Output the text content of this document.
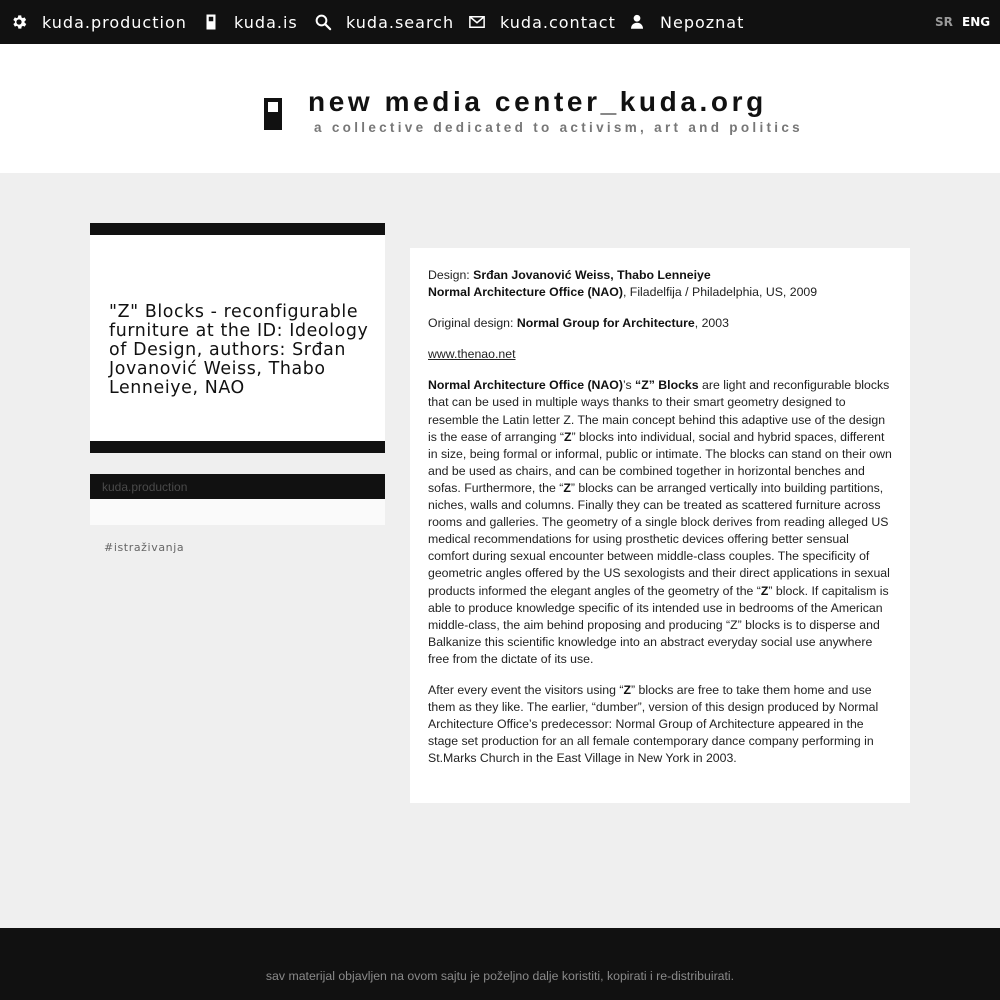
kuda.production	kuda.is	kuda.search	kuda.contact	Nepoznat	SR ENG
new media center_kuda.org
a collective dedicated to activism, art and politics
"Z" Blocks - reconfigurable furniture at the ID: Ideology of Design, authors: Srđan Jovanović Weiss, Thabo Lenneiye, NAO
kuda.production
#istraživanja

Design: Srđan Jovanović Weiss, Thabo Lenneiye
Normal Architecture Office (NAO), Filadelfija / Philadelphia, US, 2009

Original design: Normal Group for Architecture, 2003

www.thenao.net

Normal Architecture Office (NAO)’s “Z” Blocks are light and reconfigurable blocks that can be used in multiple ways thanks to their smart geometry designed to resemble the Latin letter Z. The main concept behind this adaptive use of the design is the ease of arranging “Z” blocks into individual, social and hybrid spaces, different in size, being formal or informal, public or intimate. The blocks can stand on their own and be used as chairs, and can be combined together in horizontal benches and sofas. Furthermore, the “Z” blocks can be arranged vertically into building partitions, niches, walls and columns. Finally they can be treated as scattered furniture across rooms and galleries. The geometry of a single block derives from reading alleged US medical recommendations for using prosthetic devices offering better sensual comfort during sexual encounter between middle-class couples. The specificity of geometric angles offered by the US sexologists and their direct applications in sexual products informed the elegant angles of the geometry of the “Z” block. If capitalism is able to produce knowledge specific of its intended use in bedrooms of the American middle-class, the aim behind proposing and producing “Z” blocks is to disperse and Balkanize this scientific knowledge into an abstract everyday social use anywhere free from the dictate of its use.

After every event the visitors using “Z” blocks are free to take them home and use them as they like. The earlier, “dumber”, version of this design produced by Normal Architecture Office’s predecessor: Normal Group of Architecture appeared in the stage set production for an all female contemporary dance company performing in St.Marks Church in the East Village in New York in 2003.

sav materijal objavljen na ovom sajtu je poželjno dalje koristiti, kopirati i re-distribuirati.
